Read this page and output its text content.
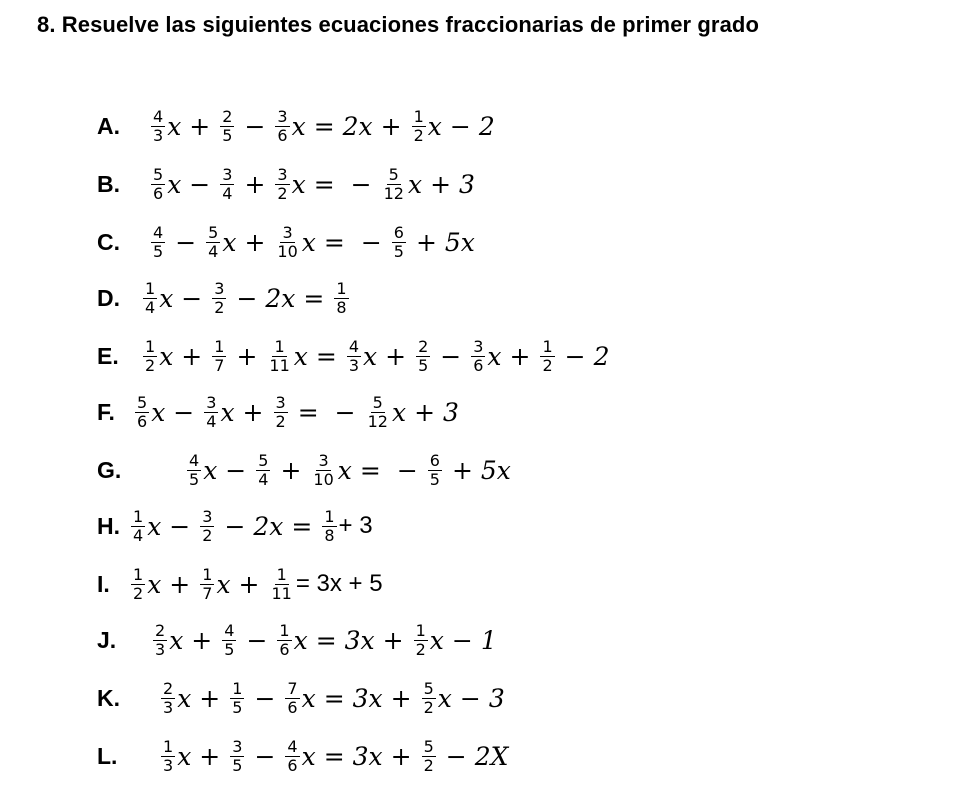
8. Resuelve las siguientes ecuaciones fraccionarias de primer grado
A. $\frac{4}{3}$ $x + \frac{2}{5} - \frac{3}{6}$ $x = 2x + \frac{1}{2}$ x − 2
B. $\frac{5}{6}$ $x - \frac{3}{4} + \frac{3}{2}$ x = − $\frac{5}{12}$ x + 3
C. $\frac{4}{5} - \frac{5}{4}$ $x + \frac{3}{10}$ x = − $\frac{6}{5} + 5x$
D. $\frac{1}{4}$ $x - \frac{3}{2} - 2x = \frac{1}{8}$
E. $\frac{1}{2}$ $x + \frac{1}{7} + \frac{1}{11}$ $x = \frac{4}{3}$ $x + \frac{2}{5} - \frac{3}{6}$ $x + \frac{1}{2} - 2$
F. $\frac{5}{6}$ $x - \frac{3}{4}$ $x + \frac{3}{2}$ = − $\frac{5}{12}$ x + 3
G.	$\frac{4}{5}$ $x - \frac{5}{4} + \frac{3}{10}$ x = − $\frac{6}{5} + 5x$
H. $\frac{1}{4}$ $x - \frac{3}{2} - 2x = \frac{1}{8} + 3$
I. $\frac{1}{2}$ $x + \frac{1}{7}$ $x + \frac{1}{11} = 3x + 5$
J. $\frac{2}{3}$ $x + \frac{4}{5} - \frac{1}{6}$ $x = 3x + \frac{1}{2}$ x − 1
K.	$\frac{2}{3}$ $x + \frac{1}{5} - \frac{7}{6}$ $x = 3x + \frac{5}{2}$ x − 3
L.	$\frac{1}{3}$ $x + \frac{3}{5} - \frac{4}{6}$ $x = 3x + \frac{5}{2} - 2X$
